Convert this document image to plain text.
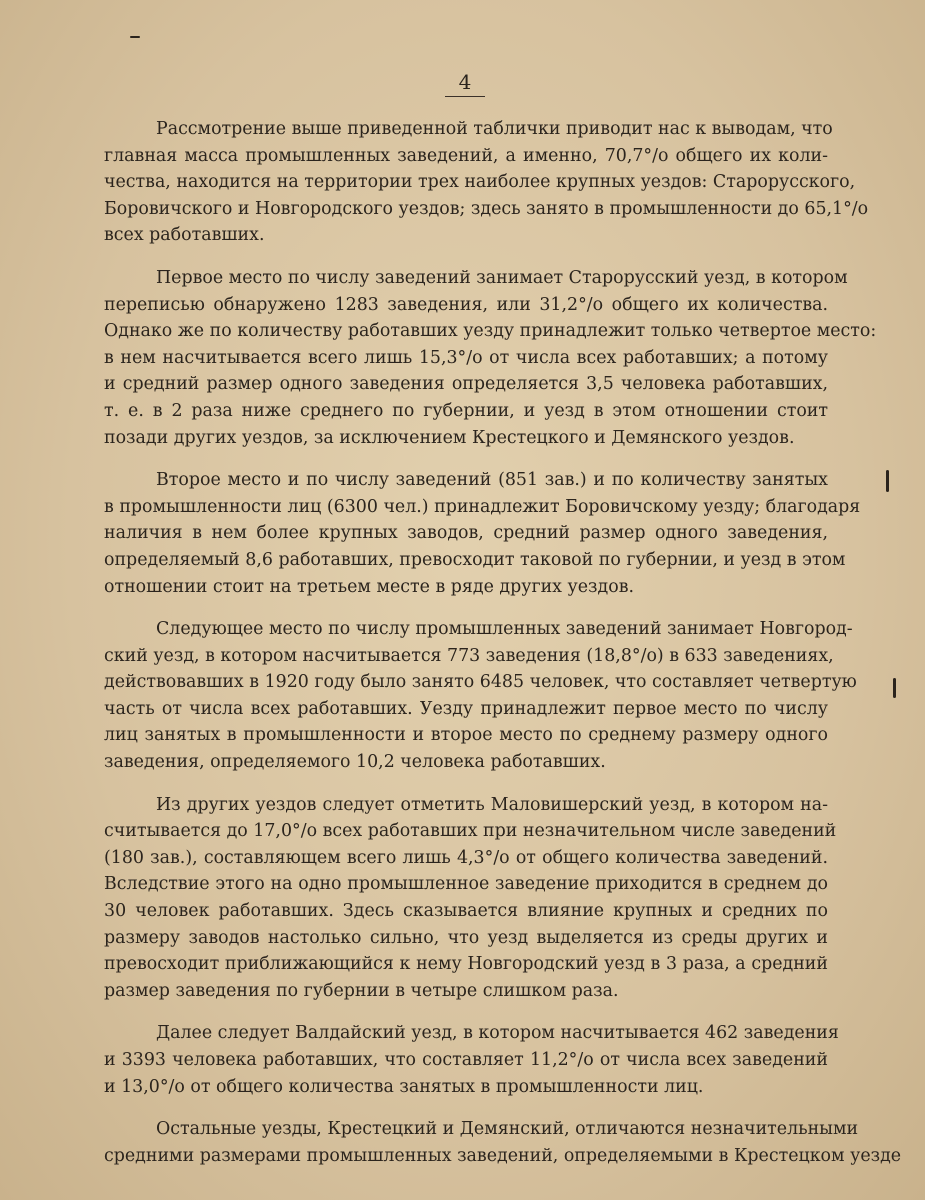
4
Рассмотрение выше приведенной таблички приводит нас к выводам, что
главная масса промышленных заведений, а именно, 70,7°/о общего их коли-
чества, находится на территории трех наиболее крупных уездов: Старорусского,
Боровичского и Новгородского уездов; здесь занято в промышленности до 65,1°/о
всех работавших.
Первое место по числу заведений занимает Старорусский уезд, в котором
переписью обнаружено 1283 заведения, или 31,2°/о общего их количества.
Однако же по количеству работавших уезду принадлежит только четвертое место:
в нем насчитывается всего лишь 15,3°/о от числа всех работавших; а потому
и средний размер одного заведения определяется 3,5 человека работавших,
т. е. в 2 раза ниже среднего по губернии, и уезд в этом отношении стоит
позади других уездов, за исключением Крестецкого и Демянского уездов.
Второе место и по числу заведений (851 зав.) и по количеству занятых
в промышленности лиц (6300 чел.) принадлежит Боровичскому уезду; благодаря
наличия в нем более крупных заводов, средний размер одного заведения,
определяемый 8,6 работавших, превосходит таковой по губернии, и уезд в этом
отношении стоит на третьем месте в ряде других уездов.
Следующее место по числу промышленных заведений занимает Новгород-
ский уезд, в котором насчитывается 773 заведения (18,8°/о) в 633 заведениях,
действовавших в 1920 году было занято 6485 человек, что составляет четвертую
часть от числа всех работавших. Уезду принадлежит первое место по числу
лиц занятых в промышленности и второе место по среднему размеру одного
заведения, определяемого 10,2 человека работавших.
Из других уездов следует отметить Маловишерский уезд, в котором на-
считывается до 17,0°/о всех работавших при незначительном числе заведений
(180 зав.), составляющем всего лишь 4,3°/о от общего количества заведений.
Вследствие этого на одно промышленное заведение приходится в среднем до
30 человек работавших. Здесь сказывается влияние крупных и средних по
размеру заводов настолько сильно, что уезд выделяется из среды других и
превосходит приближающийся к нему Новгородский уезд в 3 раза, а средний
размер заведения по губернии в четыре слишком раза.
Далее следует Валдайский уезд, в котором насчитывается 462 заведения
и 3393 человека работавших, что составляет 11,2°/о от числа всех заведений
и 13,0°/о от общего количества занятых в промышленности лиц.
Остальные уезды, Крестецкий и Демянский, отличаются незначительными
средними размерами промышленных заведений, определяемыми в Крестецком уезде
